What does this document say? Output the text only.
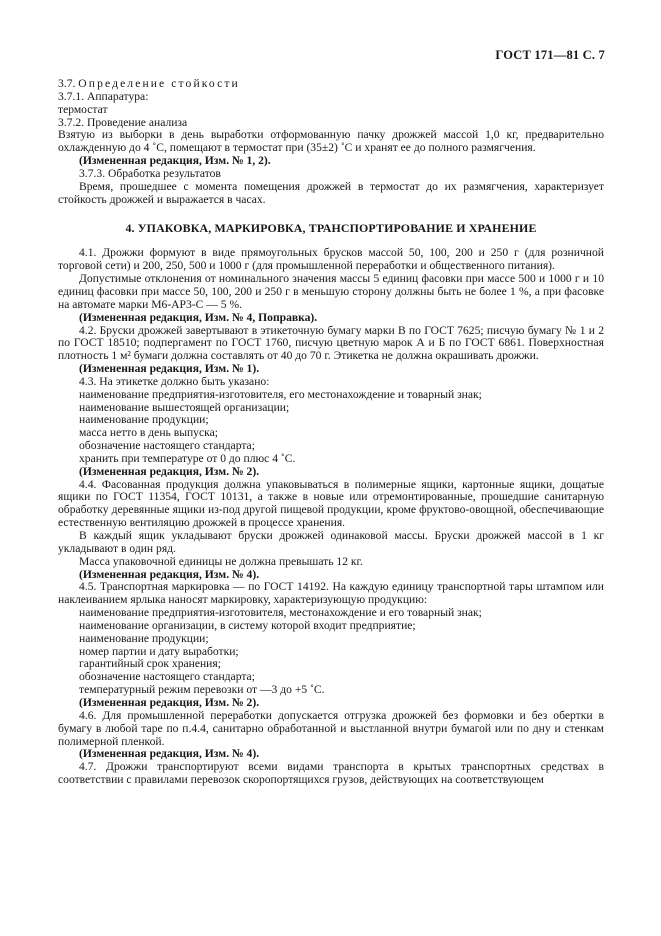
ГОСТ 171—81 С. 7

3.7. Определение стойкости

3.7.1. Аппаратура:

термостат

3.7.2. Проведение анализа

Взятую из выборки в день выработки отформованную пачку дрожжей массой 1,0 кг, предварительно охлажденную до 4 ˚С, помещают в термостат при (35±2) ˚С и хранят ее до полного размягчения.

(Измененная редакция, Изм. № 1, 2).

3.7.3. Обработка результатов

Время, прошедшее с момента помещения дрожжей в термостат до их размягчения, характеризует стойкость дрожжей и выражается в часах.

4. УПАКОВКА, МАРКИРОВКА, ТРАНСПОРТИРОВАНИЕ И ХРАНЕНИЕ

4.1. Дрожжи формуют в виде прямоугольных брусков массой 50, 100, 200 и 250 г (для розничной торговой сети) и 200, 250, 500 и 1000 г (для промышленной переработки и общественного питания).

Допустимые отклонения от номинального значения массы 5 единиц фасовки при массе 500 и 1000 г и 10 единиц фасовки при массе 50, 100, 200 и 250 г в меньшую сторону должны быть не более 1 %, а при фасовке на автомате марки М6-АР3-С — 5 %.

(Измененная редакция, Изм. № 4, Поправка).

4.2. Бруски дрожжей завертывают в этикеточную бумагу марки В по ГОСТ 7625; писчую бумагу № 1 и 2 по ГОСТ 18510; подпергамент по ГОСТ 1760, писчую цветную марок А и Б по ГОСТ 6861. Поверхностная плотность 1 м² бумаги должна составлять от 40 до 70 г. Этикетка не должна окрашивать дрожжи.

(Измененная редакция, Изм. № 1).

4.3. На этикетке должно быть указано:

наименование предприятия-изготовителя, его местонахождение и товарный знак;

наименование вышестоящей организации;

наименование продукции;

масса нетто в день выпуска;

обозначение настоящего стандарта;

хранить при температуре от 0 до плюс 4 ˚С.

(Измененная редакция, Изм. № 2).

4.4. Фасованная продукция должна упаковываться в полимерные ящики, картонные ящики, дощатые ящики по ГОСТ 11354, ГОСТ 10131, а также в новые или отремонтированные, прошедшие санитарную обработку деревянные ящики из-под другой пищевой продукции, кроме фруктово-овощной, обеспечивающие естественную вентиляцию дрожжей в процессе хранения.

В каждый ящик укладывают бруски дрожжей одинаковой массы. Бруски дрожжей массой в 1 кг укладывают в один ряд.

Масса упаковочной единицы не должна превышать 12 кг.

(Измененная редакция, Изм. № 4).

4.5. Транспортная маркировка — по ГОСТ 14192. На каждую единицу транспортной тары штампом или наклеиванием ярлыка наносят маркировку, характеризующую продукцию:

наименование предприятия-изготовителя, местонахождение и его товарный знак;

наименование организации, в систему которой входит предприятие;

наименование продукции;

номер партии и дату выработки;

гарантийный срок хранения;

обозначение настоящего стандарта;

температурный режим перевозки от —3 до +5 ˚С.

(Измененная редакция, Изм. № 2).

4.6. Для промышленной переработки допускается отгрузка дрожжей без формовки и без обертки в бумагу в любой таре по п.4.4, санитарно обработанной и выстланной внутри бумагой или по дну и стенкам полимерной пленкой.

(Измененная редакция, Изм. № 4).

4.7. Дрожжи транспортируют всеми видами транспорта в крытых транспортных средствах в соответствии с правилами перевозок скоропортящихся грузов, действующих на соответствующем
